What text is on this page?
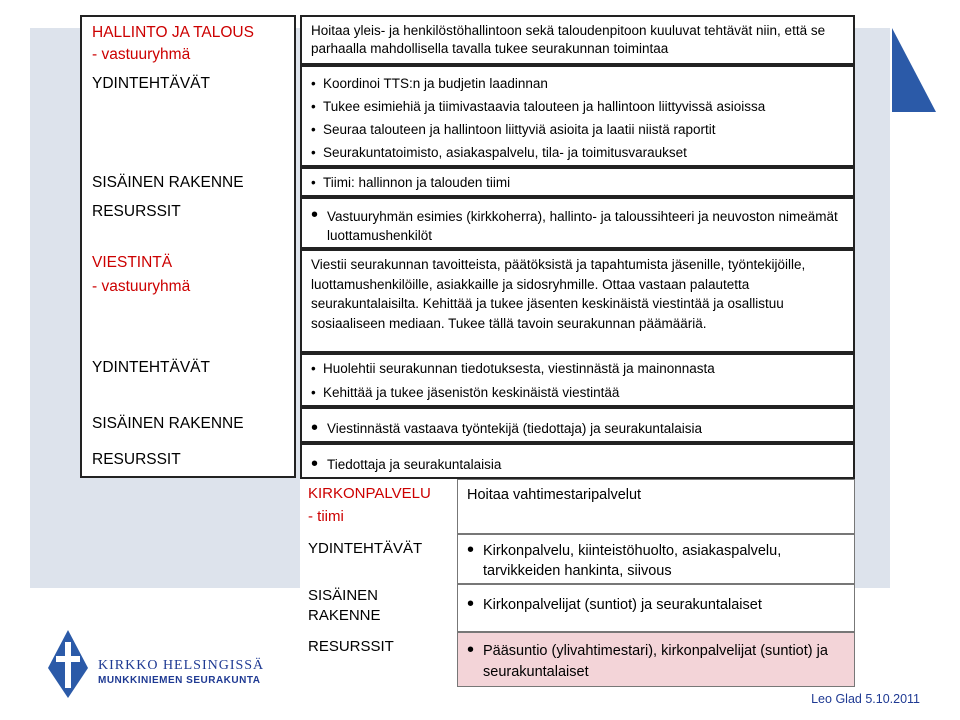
HALLINTO JA TALOUS
- vastuuryhmä
YDINTEHTÄVÄT
SISÄINEN RAKENNE
RESURSSIT
VIESTINTÄ
- vastuuryhmä
YDINTEHTÄVÄT
SISÄINEN RAKENNE
RESURSSIT
Hoitaa yleis- ja henkilöstöhallintoon sekä taloudenpitoon kuuluvat tehtävät niin, että se parhaalla mahdollisella tavalla tukee seurakunnan toimintaa
• Koordinoi TTS:n ja budjetin laadinnan
• Tukee esimiehiä ja tiimivastaavia talouteen ja hallintoon liittyvissä asioissa
• Seuraa talouteen ja hallintoon liittyviä asioita ja laatii niistä raportit
• Seurakuntatoimisto, asiakaspalvelu, tila- ja toimitusvaraukset
• Tiimi: hallinnon ja talouden tiimi
• Vastuuryhmän esimies (kirkkoherra), hallinto- ja taloussihteeri ja neuvoston nimeämät luottamushenkilöt
Viestii seurakunnan tavoitteista, päätöksistä ja tapahtumista jäsenille, työntekijöille, luottamushenkilöille, asiakkaille ja sidosryhmille. Ottaa vastaan palautetta seurakuntalaisilta. Kehittää ja tukee jäsenten keskinäistä viestintää ja osallistuu sosiaaliseen mediaan. Tukee tällä tavoin seurakunnan päämääriä.
• Huolehtii seurakunnan tiedotuksesta, viestinnästä ja mainonnasta
• Kehittää ja tukee jäsenistön keskinäistä viestintää
• Viestinnästä vastaava työntekijä (tiedottaja) ja seurakuntalaisia
• Tiedottaja ja seurakuntalaisia
KIRKONPALVELU
- tiimi
YDINTEHTÄVÄT
SISÄINEN RAKENNE
RESURSSIT
Hoitaa vahtimestaripalvelut
• Kirkonpalvelu, kiinteistöhuolto, asiakaspalvelu, tarvikkeiden hankinta, siivous
• Kirkonpalvelijat (suntiot) ja seurakuntalaiset
• Pääsuntio (ylivahtimestari), kirkonpalvelijat (suntiot) ja seurakuntalaiset
KIRKKO HELSINGISSÄ
MUNKKINIEMEN SEURAKUNTA
Leo Glad 5.10.2011
